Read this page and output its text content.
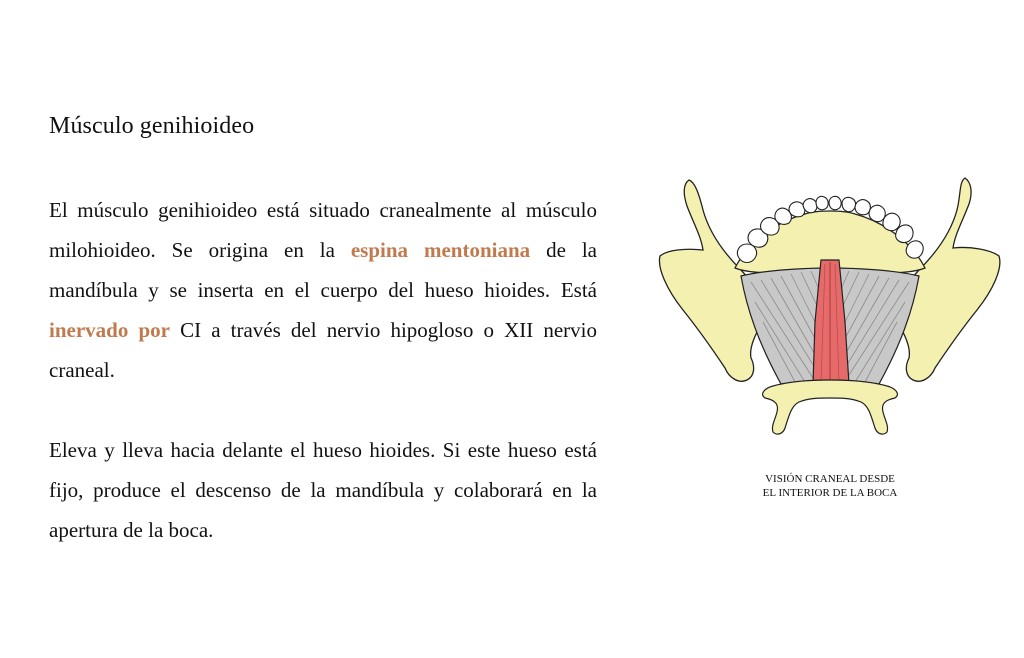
Músculo genihioideo

El músculo genihioideo está situado cranealmente al músculo milohioideo. Se origina en la espina mentoniana de la mandíbula y se inserta en el cuerpo del hueso hioides. Está inervado por CI a través del nervio hipogloso o XII nervio craneal.

Eleva y lleva hacia delante el hueso hioides. Si este hueso está fijo, produce el descenso de la mandíbula y colaborará en la apertura de la boca.

VISIÓN CRANEAL DESDE
EL INTERIOR DE LA BOCA
